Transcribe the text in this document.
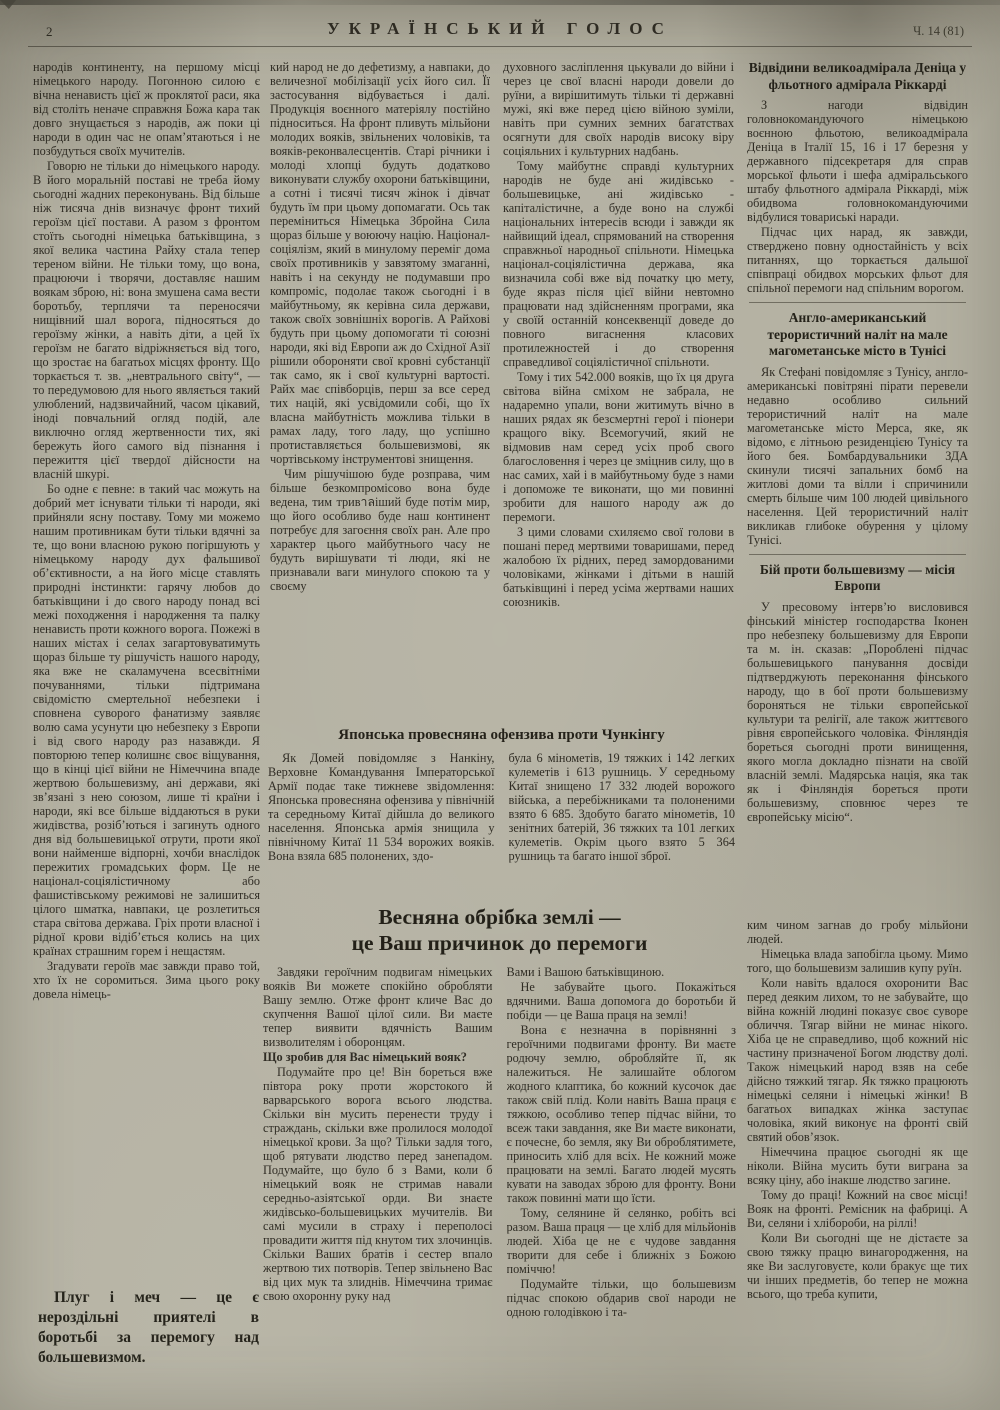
2	УКРАЇНСЬКИЙ ГОЛОС	Ч. 14 (81)

народів континенту, на першому місці німецького народу. Погонною силою є вічна ненависть цієї ж проклятої раси, яка від століть неначе справжня Божа кара так довго знущається з народів, аж поки ці народи в один час не опам’ятаються і не позбудуться своїх мучителів.

Говорю не тільки до німецького народу. В його моральній поставі не треба йому сьогодні жадних переконувань. Від більше ніж тисяча днів визначує фронт тихий героїзм цієї постави. А разом з фронтом стоїть сьогодні німецька батьківщина, з якої велика частина Райху стала тепер тереном війни. Не тільки тому, що вона, працюючи і творячи, доставляє нашим воякам зброю, ні: вона змушена сама вести боротьбу, терплячи та переносячи нищівний шал ворога, підносяться до героїзму жінки, а навіть діти, а цей їх героїзм не багато відріжняється від того, що зростає на багатьох місцях фронту. Що торкається т. зв. „невтрального світу“, — то передумовою для нього являється такий улюблений, надзвичайний, часом цікавий, іноді повчальний огляд подій, але виключно огляд жертвенности тих, які бережуть його самого від пізнання і пережиття цієї твердої дійсности на власній шкурі.

Бо одне є певне: в такий час можуть на добрий мет існувати тільки ті народи, які прийняли ясну поставу. Тому ми можемо нашим противникам бути тільки вдячні за те, що вони власною рукою погіршують у німецькому народу дух фальшивої об’єктивности, а на його місце ставлять природні інстинкти: гарячу любов до батьківщини і до свого народу понад всі межі походження і народження та палку ненависть проти кожного ворога. Пожежі в наших містах і селах загартовуватимуть щораз більше ту рішучість нашого народу, яка вже не скаламучена всесвітніми почуваннями, тільки підтримана свідомістю смертельної небезпеки і сповнена суворого фанатизму заявляє волю сама усунути цю небезпеку з Европи і від свого народу раз назавжди. Я повторюю тепер колишнє своє віщування, що в кінці цієї війни не Німеччина впаде жертвою большевизму, ані держави, які зв’язані з нею союзом, лише ті країни і народи, які все більше віддаються в руки жидівства, розіб’ються і загинуть одного дня від большевицької отрути, проти якої вони найменше відпорні, хочби внаслідок пережитих громадських форм. Це не націонал-соціялістичному або фашистівському режимові не залишиться цілого шматка, навпаки, це розлетиться стара світова держава. Гріх проти власної і рідної крови відіб’ється колись на цих країнах страшним горем і нещастям.

Згадувати героїв має завжди право той, хто їх не соромиться. Зима цього року довела німець-

Плуг і меч — це є нероздільні приятелі в боротьбі за перемогу над большевизмом.

кий народ не до дефетизму, а навпаки, до величезної мобілізації усіх його сил. Її застосування відбувається і далі. Продукція воєнного матеріялу постійно підноситься. На фронт пливуть мільйони молодих вояків, звільнених чоловіків, та вояків-реконвалесцентів. Старі річники і молоді хлопці будуть додатково виконувати службу охорони батьківщини, а сотні і тисячі тисяч жінок і дівчат будуть їм при цьому допомагати. Ось так переміниться Німецька Збройна Сила щораз більше у воюючу націю. Націонал-соціялізм, який в минулому переміг дома своїх противників у завзятому змаганні, навіть і на секунду не подумавши про компроміс, подолає також сьогодні і в майбутньому, як керівна сила держави, також своїх зовнішніх ворогів. А Райхові будуть при цьому допомогати ті союзні народи, які від Европи аж до Східної Азії рішили обороняти свої кровні субстанції так само, як і свої культурні вартості. Райх має співборців, перш за все серед тих націй, які усвідомили собі, що їх власна майбутність можлива тільки в рамах ладу, того ладу, що успішно протиставляється большевизмові, як чортівському інструментові знищення.

Чим рішучішою буде розправа, чим більше безкомпромісово вона буде ведена, тим тривาลіший буде потім мир, що його особливо буде наш континент потребує для загоєння своїх ран. Але про характер цього майбутнього часу не будуть вирішувати ті люди, які не признавали ваги минулого спокою та у своєму

духовного засліплення цькували до війни і через це свої власні народи довели до руїни, а вирішитимуть тільки ті державні мужі, які вже перед цією війною зуміли, навіть при сумних земних багатствах осягнути для своїх народів високу віру соціяльних і культурних надбань.

Тому майбутнє справді культурних народів не буде ані жидівсько - большевицьке, ані жидівсько - капіталістичне, а буде воно на службі національних інтересів всюди і завжди як найвищий ідеал, спрямований на створення справжньої народньої спільноти. Німецька націонал-соціялістична держава, яка визначила собі вже від початку цю мету, буде якраз після цієї війни невтомно працювати над здійсненням програми, яка у своїй останній консеквенції доведе до повного вигаснення класових протилежностей і до створення справедливої соціялістичної спільноти.

Тому і тих 542.000 вояків, що їх ця друга світова війна сміхом не забрала, не надаремно упали, вони житимуть вічно в наших рядах як безсмертні герої і піонери кращого віку. Всемогучий, який не відмовив нам серед усіх проб свого благословення і через це зміцнив силу, що в нас самих, хай і в майбутньому буде з нами і допоможе те виконати, що ми повинні зробити для нашого народу аж до перемоги.

З цими словами схиляємо свої голови в пошані перед мертвими товаришами, перед жалобою їх рідних, перед замордованими чоловіками, жінками і дітьми в нашій батьківщині і перед усіма жертвами наших союзників.

Японська провесняна офензива проти Чункінгу

Як Домей повідомляє з Нанкіну, Верховне Командування Імператорської Армії подає таке тижневе звідомлення: Японська провесняна офензива у північній та середньому Китаї дійшла до великого населення. Японська армія знищила у північному Китаї 11 534 ворожих вояків. Вона взяла 685 полонених, здо-

була 6 мінометів, 19 тяжких і 142 легких кулеметів і 613 рушниць. У середньому Китаї знищено 17 332 людей ворожого війська, а перебіжниками та полоненими взято 6 685. Здобуто багато мінометів, 10 зенітних батерій, 36 тяжких та 101 легких кулеметів. Окрім цього взято 5 364 рушниць та багато іншої зброї.

Весняна обрібка землі —
це Ваш причинок до перемоги

Завдяки героїчним подвигам німецьких вояків Ви можете спокійно обробляти Вашу землю. Отже фронт кличе Вас до скупчення Вашої цілої сили. Ви маєте тепер виявити вдячність Вашим визволителям і оборонцям.

Що зробив для Вас німецький вояк?

Подумайте про це! Він бореться вже півтора року проти жорстокого й варварського ворога всього людства. Скільки він мусить перенести труду і страждань, скільки вже пролилося молодої німецької крови. За що? Тільки задля того, щоб рятувати людство перед занепадом. Подумайте, що було б з Вами, коли б німецький вояк не стримав навали середньо-азіятської орди. Ви знаєте жидівсько-большевицьких мучителів. Ви самі мусили в страху і переполосі провадити життя під кнутом тих злочинців. Скільки Ваших братів і сестер впало жертвою тих потворів. Тепер звільнено Вас від цих мук та злиднів. Німеччина тримає свою охоронну руку над

Вами і Вашою батьківщиною.

Не забувайте цього. Покажіться вдячними. Ваша допомога до боротьби й побіди — це Ваша праця на землі!

Вона є незначна в порівнянні з героїчними подвигами фронту. Ви маєте родючу землю, обробляйте її, як належиться. Не залишайте облогом жодного клаптика, бо кожний кусочок дає також свій плід. Коли навіть Ваша праця є тяжкою, особливо тепер підчас війни, то всеж таки завдання, яке Ви маєте виконати, є почесне, бо земля, яку Ви оброблятимете, приносить хліб для всіх. Не кожний може працювати на землі. Багато людей мусять кувати на заводах зброю для фронту. Вони також повинні мати що їсти.

Тому, селянине й селянко, робіть всі разом. Ваша праця — це хліб для мільйонів людей. Хіба це не є чудове завдання творити для себе і ближніх з Божою поміччю!

Подумайте тільки, що большевизм підчас спокою обдарив свої народи не одною голодівкою і та-

Відвідини великоадмірала Деніца у фльотного адмірала Ріккарді

З нагоди відвідин головнокомандуючого німецькою воєнною фльотою, великоадмірала Деніца в Італії 15, 16 і 17 березня у державного підсекретаря для справ морської фльоти і шефа адміральського штабу фльотного адмірала Ріккарді, між обидвома головнокомандуючими відбулися товариські наради.

Підчас цих нарад, як завжди, стверджено повну одностайність у всіх питаннях, що торкається дальшої співпраці обидвох морських фльот для спільної перемоги над спільним ворогом.

Англо-американський терористичний наліт на мале магометанське місто в Тунісі

Як Стефані повідомляє з Тунісу, англо-американські повітряні пірати перевели недавно особливо сильний терористичний наліт на мале магометанське місто Мерса, яке, як відомо, є літньою резиденцією Тунісу та його бея. Бомбардувальники ЗДА скинули тисячі запальних бомб на житлові доми та вілли і спричинили смерть більше чим 100 людей цивільного населення. Цей терористичний наліт викликав глибоке обурення у цілому Тунісі.

Бій проти большевизму — місія Европи

У пресовому інтерв’ю висловився фінський міністер господарства Іконен про небезпеку большевизму для Европи та м. ін. сказав: „Пороблені підчас большевицького панування досвіди підтверджують переконання фінського народу, що в бої проти большевизму бороняться не тільки європейської культури та релігії, але також життєвого рівня європейського чоловіка. Фінляндія бореться сьогодні проти винищення, якого могла докладно пізнати на своїй власній землі. Мадярська нація, яка так як і Фінляндія бореться проти большевизму, сповнює через те європейську місію“.

ким чином загнав до гробу мільйони людей.

Німецька влада запобігла цьому. Мимо того, що большевизм залишив купу руїн.

Коли навіть вдалося охоронити Вас перед деяким лихом, то не забувайте, що війна кожній людині показує своє суворе обличчя. Тягар війни не минає нікого. Хіба це не справедливо, щоб кожний ніс частину призначеної Богом людству долі. Також німецький народ взяв на себе дійсно тяжкий тягар. Як тяжко працюють німецькі селяни і німецькі жінки! В багатьох випадках жінка заступає чоловіка, який виконує на фронті свій святий обов’язок.

Німеччина працює сьогодні як ще ніколи. Війна мусить бути виграна за всяку ціну, або інакше людство загине.

Тому до праці! Кожний на своє місці! Вояк на фронті. Ремісник на фабриці. А Ви, селяни і хлібороби, на ріллі!

Коли Ви сьогодні ще не дістаєте за свою тяжку працю винагородження, на яке Ви заслуговуєте, коли бракує ще тих чи інших предметів, бо тепер не можна всього, що треба купити,
